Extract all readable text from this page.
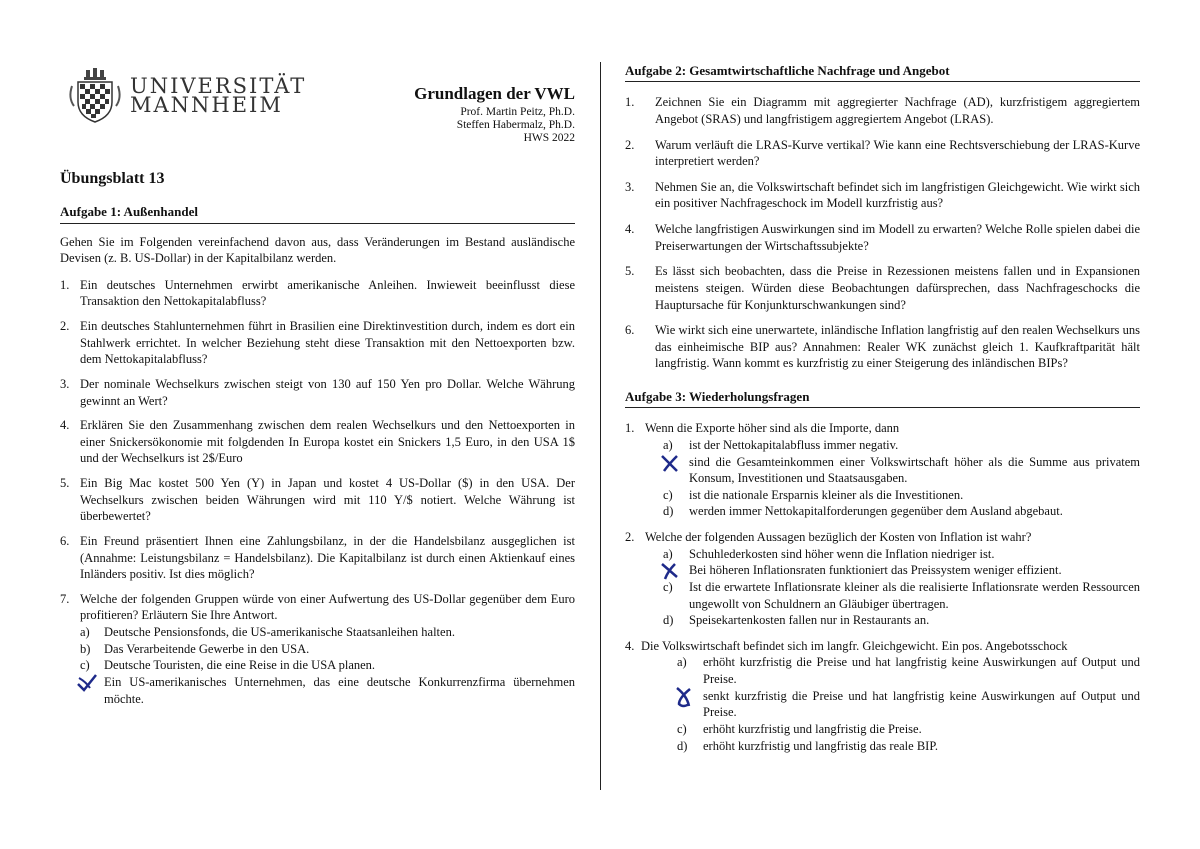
UNIVERSITÄT
MANNHEIM	Grundlagen der VWL
Prof. Martin Peitz, Ph.D.
Steffen Habermalz, Ph.D.
HWS 2022
Übungsblatt 13
Aufgabe 1: Außenhandel
Gehen Sie im Folgenden vereinfachend davon aus, dass Veränderungen im Bestand ausländische Devisen (z. B. US-Dollar) in der Kapitalbilanz werden.
1. Ein deutsches Unternehmen erwirbt amerikanische Anleihen. Inwieweit beeinflusst diese Transaktion den Nettokapitalabfluss?
2. Ein deutsches Stahlunternehmen führt in Brasilien eine Direktinvestition durch, indem es dort ein Stahlwerk errichtet. In welcher Beziehung steht diese Transaktion mit den Nettoexporten bzw. dem Nettokapitalabfluss?
3. Der nominale Wechselkurs zwischen steigt von 130 auf 150 Yen pro Dollar. Welche Währung gewinnt an Wert?
4. Erklären Sie den Zusammenhang zwischen dem realen Wechselkurs und den Nettoexporten in einer Snickersökonomie mit folgdenden In Europa kostet ein Snickers 1,5 Euro, in den USA 1$ und der Wechselkurs ist 2$/Euro
5. Ein Big Mac kostet 500 Yen (Y) in Japan und kostet 4 US-Dollar ($) in den USA. Der Wechselkurs zwischen beiden Währungen wird mit 110 Y/$ notiert. Welche Währung ist überbewertet?
6. Ein Freund präsentiert Ihnen eine Zahlungsbilanz, in der die Handelsbilanz ausgeglichen ist (Annahme: Leistungsbilanz = Handelsbilanz). Die Kapitalbilanz ist durch einen Aktienkauf eines Inländers positiv. Ist dies möglich?
7. Welche der folgenden Gruppen würde von einer Aufwertung des US-Dollar gegenüber dem Euro profitieren? Erläutern Sie Ihre Antwort.
a)	Deutsche Pensionsfonds, die US-amerikanische Staatsanleihen halten.
b)	Das Verarbeitende Gewerbe in den USA.
c)	Deutsche Touristen, die eine Reise in die USA planen.
Ein US-amerikanisches Unternehmen, das eine deutsche Konkurrenzfirma übernehmen möchte.
Aufgabe 2: Gesamtwirtschaftliche Nachfrage und Angebot
1.	Zeichnen Sie ein Diagramm mit aggregierter Nachfrage (AD), kurzfristigem aggregiertem Angebot (SRAS) und langfristigem aggregiertem Angebot (LRAS).
2.	Warum verläuft die LRAS-Kurve vertikal? Wie kann eine Rechtsverschiebung der LRAS-Kurve interpretiert werden?
3.	Nehmen Sie an, die Volkswirtschaft befindet sich im langfristigen Gleichgewicht. Wie wirkt sich ein positiver Nachfrageschock im Modell kurzfristig aus?
4.	Welche langfristigen Auswirkungen sind im Modell zu erwarten? Welche Rolle spielen dabei die Preiserwartungen der Wirtschaftssubjekte?
5.	Es lässt sich beobachten, dass die Preise in Rezessionen meistens fallen und in Expansionen meistens steigen. Würden diese Beobachtungen dafürsprechen, dass Nachfrageschocks die Hauptursache für Konjunkturschwankungen sind?
6.	Wie wirkt sich eine unerwartete, inländische Inflation langfristig auf den realen Wechselkurs uns das einheimische BIP aus? Annahmen: Realer WK zunächst gleich 1. Kaufkraftparität hält langfristig. Wann kommt es kurzfristig zu einer Steigerung des inländischen BIPs?
Aufgabe 3: Wiederholungsfragen
1. Wenn die Exporte höher sind als die Importe, dann
a)	ist der Nettokapitalabfluss immer negativ.
sind die Gesamteinkommen einer Volkswirtschaft höher als die Summe aus privatem Konsum, Investitionen und Staatsausgaben.
c)	ist die nationale Ersparnis kleiner als die Investitionen.
d)	werden immer Nettokapitalforderungen gegenüber dem Ausland abgebaut.
2. Welche der folgenden Aussagen bezüglich der Kosten von Inflation ist wahr?
a)	Schuhlederkosten sind höher wenn die Inflation niedriger ist.
Bei höheren Inflationsraten funktioniert das Preissystem weniger effizient.
c)	Ist die erwartete Inflationsrate kleiner als die realisierte Inflationsrate werden Ressourcen ungewollt von Schuldnern an Gläubiger übertragen.
d)	Speisekartenkosten fallen nur in Restaurants an.
4. Die Volkswirtschaft befindet sich im langfr. Gleichgewicht. Ein pos. Angebotsschock
a)	erhöht kurzfristig die Preise und hat langfristig keine Auswirkungen auf Output und Preise.
senkt kurzfristig die Preise und hat langfristig keine Auswirkungen auf Output und Preise.
c)	erhöht kurzfristig und langfristig die Preise.
d)	erhöht kurzfristig und langfristig das reale BIP.
